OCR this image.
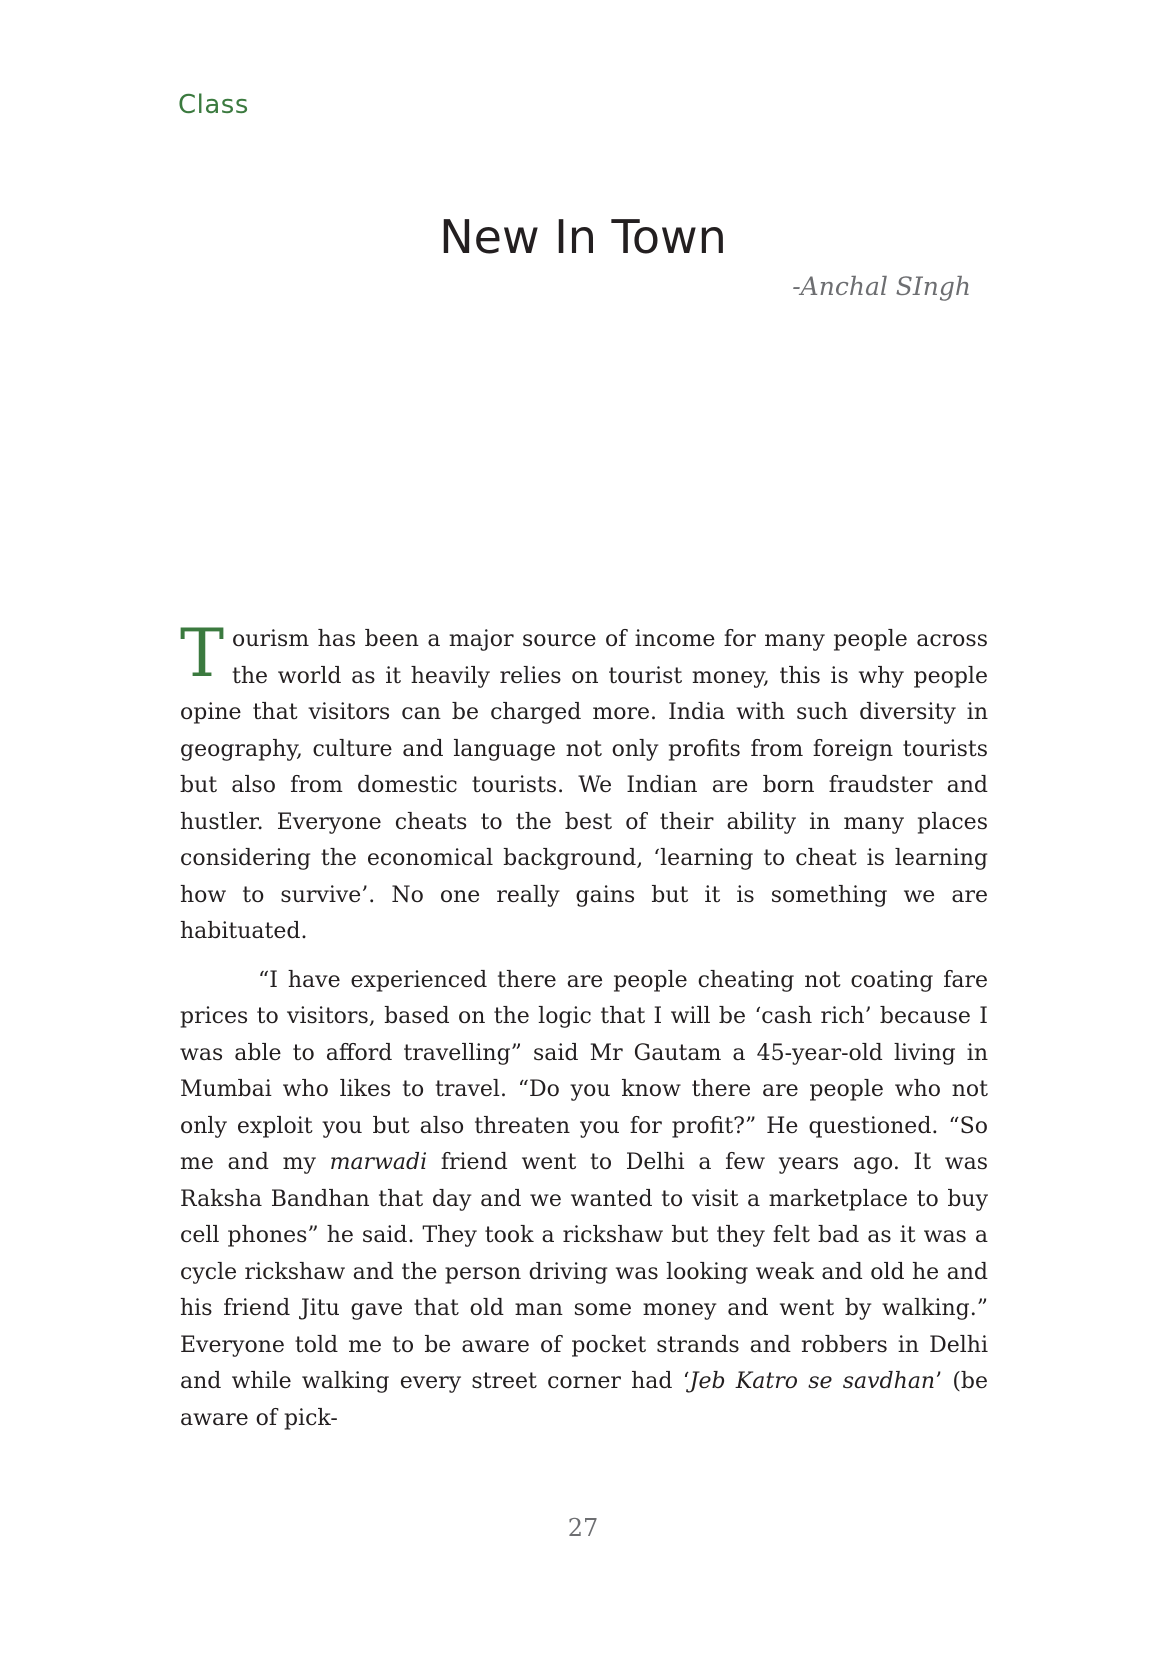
Class
New In Town
-Anchal SIngh

Tourism has been a major source of income for many people across the world as it heavily relies on tourist money, this is why people opine that visitors can be charged more. India with such diversity in geography, culture and language not only profits from foreign tourists but also from domestic tourists. We Indian are born fraudster and hustler. Everyone cheats to the best of their ability in many places considering the economical background, ‘learning to cheat is learning how to survive’. No one really gains but it is something we are habituated.

“I have experienced there are people cheating not coating fare prices to visitors, based on the logic that I will be ‘cash rich’ because I was able to afford travelling” said Mr Gautam a 45-year-old living in Mumbai who likes to travel. “Do you know there are people who not only exploit you but also threaten you for profit?” He questioned. “So me and my marwadi friend went to Delhi a few years ago. It was Raksha Bandhan that day and we wanted to visit a marketplace to buy cell phones” he said. They took a rickshaw but they felt bad as it was a cycle rickshaw and the person driving was looking weak and old he and his friend Jitu gave that old man some money and went by walking.” Everyone told me to be aware of pocket strands and robbers in Delhi and while walking every street corner had ‘Jeb Katro se savdhan’ (be aware of pick-

27
